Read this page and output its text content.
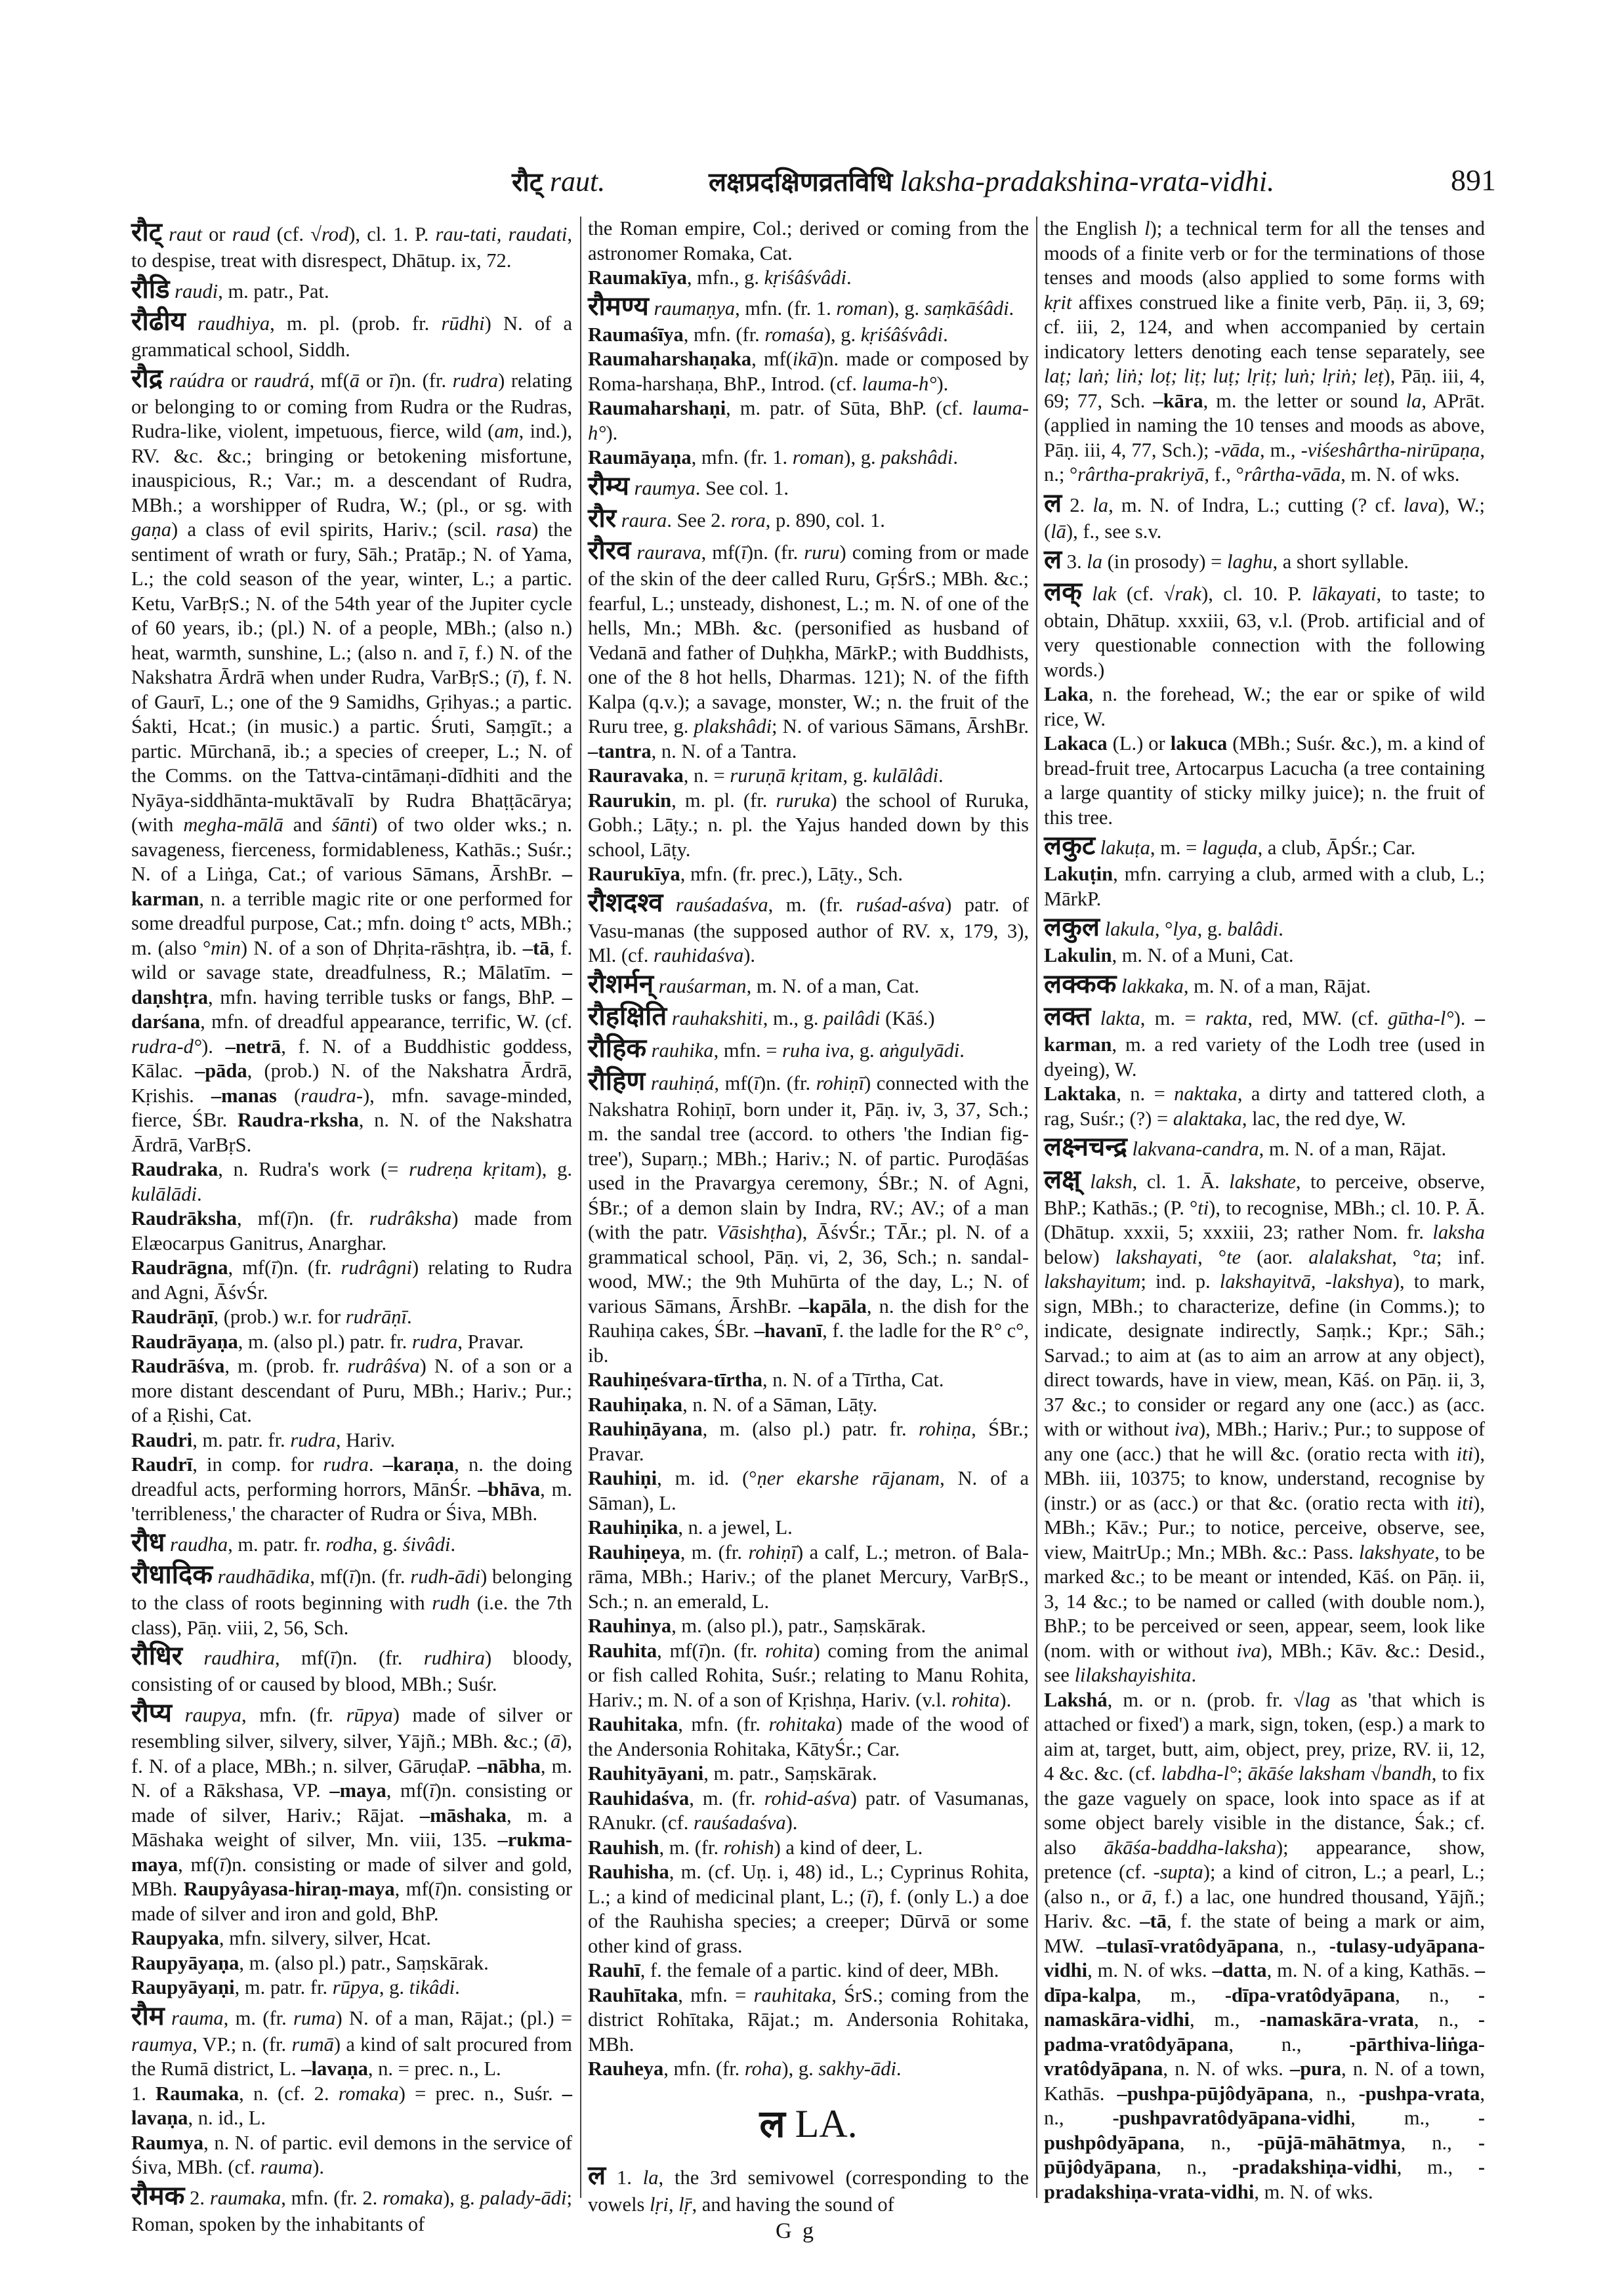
रौट् raut.	लक्षप्रदक्षिणव्रतविधि laksha-pradakshina-vrata-vidhi.	891

रौट् raut or raud (cf. √rod), cl. 1. P. rau-tati, raudati, to despise, treat with disrespect, Dhātup. ix, 72.

रौडि raudi, m. patr., Pat.

रौढीय raudhiya, m. pl. (prob. fr. rūdhi) N. of a grammatical school, Siddh.

रौद्र raúdra or raudrá, mf(ā or ī)n. (fr. rudra) relating or belonging to or coming from Rudra or the Rudras, Rudra-like, violent, impetuous, fierce, wild (am, ind.), RV. &c. &c.; bringing or betokening misfortune, inauspicious, R.; Var.; m. a descendant of Rudra, MBh.; a worshipper of Rudra, W.; (pl., or sg. with gaṇa) a class of evil spirits, Hariv.; (scil. rasa) the sentiment of wrath or fury, Sāh.; Pratāp.; N. of Yama, L.; the cold season of the year, winter, L.; a partic. Ketu, VarBṛS.; N. of the 54th year of the Jupiter cycle of 60 years, ib.; (pl.) N. of a people, MBh.; (also n.) heat, warmth, sunshine, L.; (also n. and ī, f.) N. of the Nakshatra Ārdrā when under Rudra, VarBṛS.; (ī), f. N. of Gaurī, L.; one of the 9 Samidhs, Gṛihyas.; a partic. Śakti, Hcat.; (in music.) a partic. Śruti, Saṃgīt.; a partic. Mūrchanā, ib.; a species of creeper, L.; N. of the Comms. on the Tattva-cintāmaṇi-dīdhiti and the Nyāya-siddhānta-muktāvalī by Rudra Bhaṭṭācārya; (with megha-mālā and śānti) of two older wks.; n. savageness, fierceness, formidableness, Kathās.; Suśr.; N. of a Liṅga, Cat.; of various Sāmans, ĀrshBr. –karman, n. a terrible magic rite or one performed for some dreadful purpose, Cat.; mfn. doing t° acts, MBh.; m. (also °min) N. of a son of Dhṛita-rāshṭra, ib. –tā, f. wild or savage state, dreadfulness, R.; Mālatīm. –daṇshṭra, mfn. having terrible tusks or fangs, BhP. –darśana, mfn. of dreadful appearance, terrific, W. (cf. rudra-d°). –netrā, f. N. of a Buddhistic goddess, Kālac. –pāda, (prob.) N. of the Nakshatra Ārdrā, Kṛishis. –manas (raudra-), mfn. savage-minded, fierce, ŚBr. Raudra-rksha, n. N. of the Nakshatra Ārdrā, VarBṛS.

Raudraka, n. Rudra's work (= rudreṇa kṛitam), g. kulālādi.

Raudrāksha, mf(ī)n. (fr. rudrâksha) made from Elæocarpus Ganitrus, Anarghar.

Raudrāgna, mf(ī)n. (fr. rudrâgni) relating to Rudra and Agni, ĀśvŚr.

Raudrāṇī, (prob.) w.r. for rudrāṇī.

Raudrāyaṇa, m. (also pl.) patr. fr. rudra, Pravar.

Raudrāśva, m. (prob. fr. rudrâśva) N. of a son or a more distant descendant of Puru, MBh.; Hariv.; Pur.; of a Ṛishi, Cat.

Raudri, m. patr. fr. rudra, Hariv.

Raudrī, in comp. for rudra. –karaṇa, n. the doing dreadful acts, performing horrors, MānŚr. –bhāva, m. 'terribleness,' the character of Rudra or Śiva, MBh.

रौध raudha, m. patr. fr. rodha, g. śivâdi.

रौधादिक raudhādika, mf(ī)n. (fr. rudh-ādi) belonging to the class of roots beginning with rudh (i.e. the 7th class), Pāṇ. viii, 2, 56, Sch.

रौधिर raudhira, mf(ī)n. (fr. rudhira) bloody, consisting of or caused by blood, MBh.; Suśr.

रौप्य raupya, mfn. (fr. rūpya) made of silver or resembling silver, silvery, silver, Yājñ.; MBh. &c.; (ā), f. N. of a place, MBh.; n. silver, GāruḍaP. –nābha, m. N. of a Rākshasa, VP. –maya, mf(ī)n. consisting or made of silver, Hariv.; Rājat. –māshaka, m. a Māshaka weight of silver, Mn. viii, 135. –rukma-maya, mf(ī)n. consisting or made of silver and gold, MBh. Raupyâyasa-hiraṇ-maya, mf(ī)n. consisting or made of silver and iron and gold, BhP.

Raupyaka, mfn. silvery, silver, Hcat.

Raupyāyaṇa, m. (also pl.) patr., Saṃskārak.

Raupyāyaṇi, m. patr. fr. rūpya, g. tikâdi.

रौम rauma, m. (fr. ruma) N. of a man, Rājat.; (pl.) = raumya, VP.; n. (fr. rumā) a kind of salt procured from the Rumā district, L. –lavaṇa, n. = prec. n., L.

1. Raumaka, n. (cf. 2. romaka) = prec. n., Suśr. –lavaṇa, n. id., L.

Raumya, n. N. of partic. evil demons in the service of Śiva, MBh. (cf. rauma).

रौमक 2. raumaka, mfn. (fr. 2. romaka), g. palady-ādi; Roman, spoken by the inhabitants of

the Roman empire, Col.; derived or coming from the astronomer Romaka, Cat.

Raumakīya, mfn., g. kṛiśâśvâdi.

रौमण्य raumaṇya, mfn. (fr. 1. roman), g. saṃkāśâdi.

Raumaśīya, mfn. (fr. romaśa), g. kṛiśâśvâdi.

Raumaharshaṇaka, mf(ikā)n. made or composed by Roma-harshaṇa, BhP., Introd. (cf. lauma-h°).

Raumaharshaṇi, m. patr. of Sūta, BhP. (cf. lauma-h°).

Raumāyaṇa, mfn. (fr. 1. roman), g. pakshâdi.

रौम्य raumya. See col. 1.

रौर raura. See 2. rora, p. 890, col. 1.

रौरव raurava, mf(ī)n. (fr. ruru) coming from or made of the skin of the deer called Ruru, GṛŚrS.; MBh. &c.; fearful, L.; unsteady, dishonest, L.; m. N. of one of the hells, Mn.; MBh. &c. (personified as husband of Vedanā and father of Duḥkha, MārkP.; with Buddhists, one of the 8 hot hells, Dharmas. 121); N. of the fifth Kalpa (q.v.); a savage, monster, W.; n. the fruit of the Ruru tree, g. plakshâdi; N. of various Sāmans, ĀrshBr. –tantra, n. N. of a Tantra.

Rauravaka, n. = ruruṇā kṛitam, g. kulālâdi.

Raurukin, m. pl. (fr. ruruka) the school of Ruruka, Gobh.; Lāṭy.; n. pl. the Yajus handed down by this school, Lāṭy.

Raurukīya, mfn. (fr. prec.), Lāṭy., Sch.

रौशदश्व rauśadaśva, m. (fr. ruśad-aśva) patr. of Vasu-manas (the supposed author of RV. x, 179, 3), Ml. (cf. rauhidaśva).

रौशर्मन् rauśarman, m. N. of a man, Cat.

रौहक्षिति rauhakshiti, m., g. pailâdi (Kāś.)

रौहिक rauhika, mfn. = ruha iva, g. aṅgulyādi.

रौहिण rauhiṇá, mf(ī)n. (fr. rohiṇī) connected with the Nakshatra Rohiṇī, born under it, Pāṇ. iv, 3, 37, Sch.; m. the sandal tree (accord. to others 'the Indian fig-tree'), Suparṇ.; MBh.; Hariv.; N. of partic. Puroḍāśas used in the Pravargya ceremony, ŚBr.; N. of Agni, ŚBr.; of a demon slain by Indra, RV.; AV.; of a man (with the patr. Vāsishṭha), ĀśvŚr.; TĀr.; pl. N. of a grammatical school, Pāṇ. vi, 2, 36, Sch.; n. sandal-wood, MW.; the 9th Muhūrta of the day, L.; N. of various Sāmans, ĀrshBr. –kapāla, n. the dish for the Rauhiṇa cakes, ŚBr. –havanī, f. the ladle for the R° c°, ib.

Rauhiṇeśvara-tīrtha, n. N. of a Tīrtha, Cat.

Rauhiṇaka, n. N. of a Sāman, Lāṭy.

Rauhiṇāyana, m. (also pl.) patr. fr. rohiṇa, ŚBr.; Pravar.

Rauhiṇi, m. id. (°ṇer ekarshe rājanam, N. of a Sāman), L.

Rauhiṇika, n. a jewel, L.

Rauhiṇeya, m. (fr. rohiṇī) a calf, L.; metron. of Bala-rāma, MBh.; Hariv.; of the planet Mercury, VarBṛS., Sch.; n. an emerald, L.

Rauhinya, m. (also pl.), patr., Saṃskārak.

Rauhita, mf(ī)n. (fr. rohita) coming from the animal or fish called Rohita, Suśr.; relating to Manu Rohita, Hariv.; m. N. of a son of Kṛishṇa, Hariv. (v.l. rohita).

Rauhitaka, mfn. (fr. rohitaka) made of the wood of the Andersonia Rohitaka, KātyŚr.; Car.

Rauhityāyani, m. patr., Saṃskārak.

Rauhidaśva, m. (fr. rohid-aśva) patr. of Vasumanas, RAnukr. (cf. rauśadaśva).

Rauhish, m. (fr. rohish) a kind of deer, L.

Rauhisha, m. (cf. Uṇ. i, 48) id., L.; Cyprinus Rohita, L.; a kind of medicinal plant, L.; (ī), f. (only L.) a doe of the Rauhisha species; a creeper; Dūrvā or some other kind of grass.

Rauhī, f. the female of a partic. kind of deer, MBh.

Rauhītaka, mfn. = rauhitaka, ŚrS.; coming from the district Rohītaka, Rājat.; m. Andersonia Rohitaka, MBh.

Rauheya, mfn. (fr. roha), g. sakhy-ādi.

ल LA.

ल 1. la, the 3rd semivowel (corresponding to the vowels lṛi, lṝ, and having the sound of

the English l); a technical term for all the tenses and moods of a finite verb or for the terminations of those tenses and moods (also applied to some forms with kṛit affixes construed like a finite verb, Pāṇ. ii, 3, 69; cf. iii, 2, 124, and when accompanied by certain indicatory letters denoting each tense separately, see laṭ; laṅ; liṅ; loṭ; liṭ; luṭ; lṛiṭ; luṅ; lṛiṅ; leṭ), Pāṇ. iii, 4, 69; 77, Sch. –kāra, m. the letter or sound la, APrāt. (applied in naming the 10 tenses and moods as above, Pāṇ. iii, 4, 77, Sch.); -vāda, m., -viśeshârtha-nirūpaṇa, n.; °rârtha-prakriyā, f., °rârtha-vāda, m. N. of wks.

ल 2. la, m. N. of Indra, L.; cutting (? cf. lava), W.; (lā), f., see s.v.

ल 3. la (in prosody) = laghu, a short syllable.

लक् lak (cf. √rak), cl. 10. P. lākayati, to taste; to obtain, Dhātup. xxxiii, 63, v.l. (Prob. artificial and of very questionable connection with the following words.)

Laka, n. the forehead, W.; the ear or spike of wild rice, W.

Lakaca (L.) or lakuca (MBh.; Suśr. &c.), m. a kind of bread-fruit tree, Artocarpus Lacucha (a tree containing a large quantity of sticky milky juice); n. the fruit of this tree.

लकुट lakuṭa, m. = laguḍa, a club, ĀpŚr.; Car.

Lakuṭin, mfn. carrying a club, armed with a club, L.; MārkP.

लकुल lakula, °lya, g. balâdi.

Lakulin, m. N. of a Muni, Cat.

लक्कक lakkaka, m. N. of a man, Rājat.

लक्त lakta, m. = rakta, red, MW. (cf. gūtha-l°). –karman, m. a red variety of the Lodh tree (used in dyeing), W.

Laktaka, n. = naktaka, a dirty and tattered cloth, a rag, Suśr.; (?) = alaktaka, lac, the red dye, W.

लक्ष्नचन्द्र lakvana-candra, m. N. of a man, Rājat.

लक्ष् laksh, cl. 1. Ā. lakshate, to perceive, observe, BhP.; Kathās.; (P. °ti), to recognise, MBh.; cl. 10. P. Ā. (Dhātup. xxxii, 5; xxxiii, 23; rather Nom. fr. laksha below) lakshayati, °te (aor. alalakshat, °ta; inf. lakshayitum; ind. p. lakshayitvā, -lakshya), to mark, sign, MBh.; to characterize, define (in Comms.); to indicate, designate indirectly, Saṃk.; Kpr.; Sāh.; Sarvad.; to aim at (as to aim an arrow at any object), direct towards, have in view, mean, Kāś. on Pāṇ. ii, 3, 37 &c.; to consider or regard any one (acc.) as (acc. with or without iva), MBh.; Hariv.; Pur.; to suppose of any one (acc.) that he will &c. (oratio recta with iti), MBh. iii, 10375; to know, understand, recognise by (instr.) or as (acc.) or that &c. (oratio recta with iti), MBh.; Kāv.; Pur.; to notice, perceive, observe, see, view, MaitrUp.; Mn.; MBh. &c.: Pass. lakshyate, to be marked &c.; to be meant or intended, Kāś. on Pāṇ. ii, 3, 14 &c.; to be named or called (with double nom.), BhP.; to be perceived or seen, appear, seem, look like (nom. with or without iva), MBh.; Kāv. &c.: Desid., see lilakshayishita.

Lakshá, m. or n. (prob. fr. √lag as 'that which is attached or fixed') a mark, sign, token, (esp.) a mark to aim at, target, butt, aim, object, prey, prize, RV. ii, 12, 4 &c. &c. (cf. labdha-l°; ākāśe laksham √bandh, to fix the gaze vaguely on space, look into space as if at some object barely visible in the distance, Śak.; cf. also ākāśa-baddha-laksha); appearance, show, pretence (cf. -supta); a kind of citron, L.; a pearl, L.; (also n., or ā, f.) a lac, one hundred thousand, Yājñ.; Hariv. &c. –tā, f. the state of being a mark or aim, MW. –tulasī-vratôdyāpana, n., -tulasy-udyāpana-vidhi, m. N. of wks. –datta, m. N. of a king, Kathās. –dīpa-kalpa, m., -dīpa-vratôdyāpana, n., -namaskāra-vidhi, m., -namaskāra-vrata, n., -padma-vratôdyāpana, n., -pārthiva-liṅga-vratôdyāpana, n. N. of wks. –pura, n. N. of a town, Kathās. –pushpa-pūjôdyāpana, n., -pushpa-vrata, n., -pushpavratôdyāpana-vidhi, m., -pushpôdyāpana, n., -pūjā-māhātmya, n., -pūjôdyāpana, n., -pradakshiṇa-vidhi, m., -pradakshiṇa-vrata-vidhi, m. N. of wks.

G g
